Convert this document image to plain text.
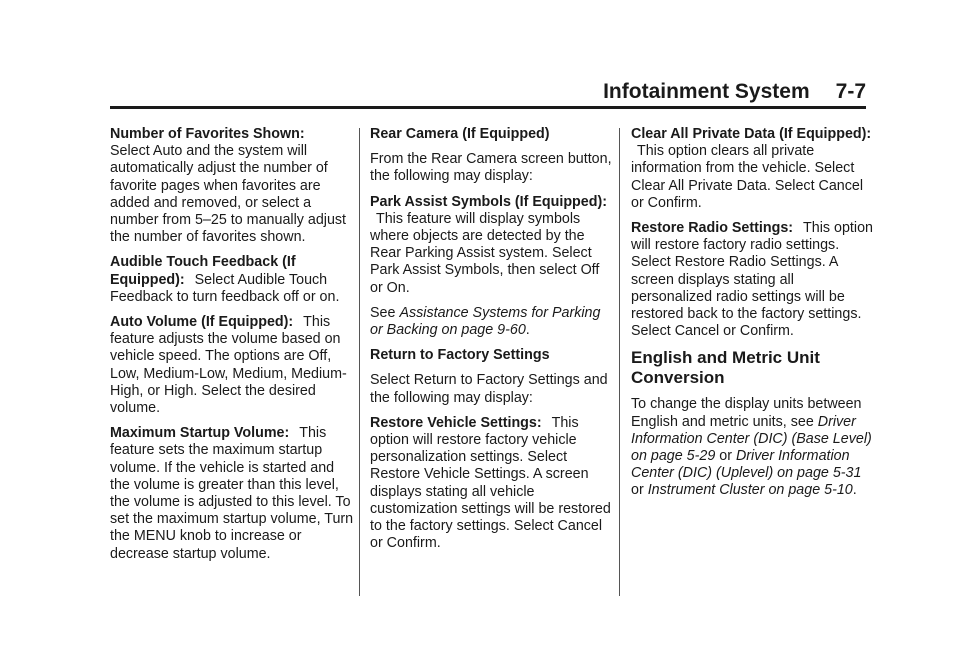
Infotainment System 7-7

Number of Favorites Shown:
Select Auto and the system will automatically adjust the number of favorite pages when favorites are added and removed, or select a number from 5–25 to manually adjust the number of favorites shown.

Audible Touch Feedback (If Equipped): Select Audible Touch Feedback to turn feedback off or on.

Auto Volume (If Equipped): This feature adjusts the volume based on vehicle speed. The options are Off, Low, Medium-Low, Medium, Medium-High, or High. Select the desired volume.

Maximum Startup Volume: This feature sets the maximum startup volume. If the vehicle is started and the volume is greater than this level, the volume is adjusted to this level. To set the maximum startup volume, Turn the MENU knob to increase or decrease startup volume.

Rear Camera (If Equipped)

From the Rear Camera screen button, the following may display:

Park Assist Symbols (If Equipped): This feature will display symbols where objects are detected by the Rear Parking Assist system. Select Park Assist Symbols, then select Off or On.

See Assistance Systems for Parking or Backing on page 9-60.

Return to Factory Settings

Select Return to Factory Settings and the following may display:

Restore Vehicle Settings: This option will restore factory vehicle personalization settings. Select Restore Vehicle Settings. A screen displays stating all vehicle customization settings will be restored to the factory settings. Select Cancel or Confirm.

Clear All Private Data (If Equipped): This option clears all private information from the vehicle. Select Clear All Private Data. Select Cancel or Confirm.

Restore Radio Settings: This option will restore factory radio settings. Select Restore Radio Settings. A screen displays stating all personalized radio settings will be restored back to the factory settings. Select Cancel or Confirm.

English and Metric Unit Conversion

To change the display units between English and metric units, see Driver Information Center (DIC) (Base Level) on page 5-29 or Driver Information Center (DIC) (Uplevel) on page 5-31 or Instrument Cluster on page 5-10.
